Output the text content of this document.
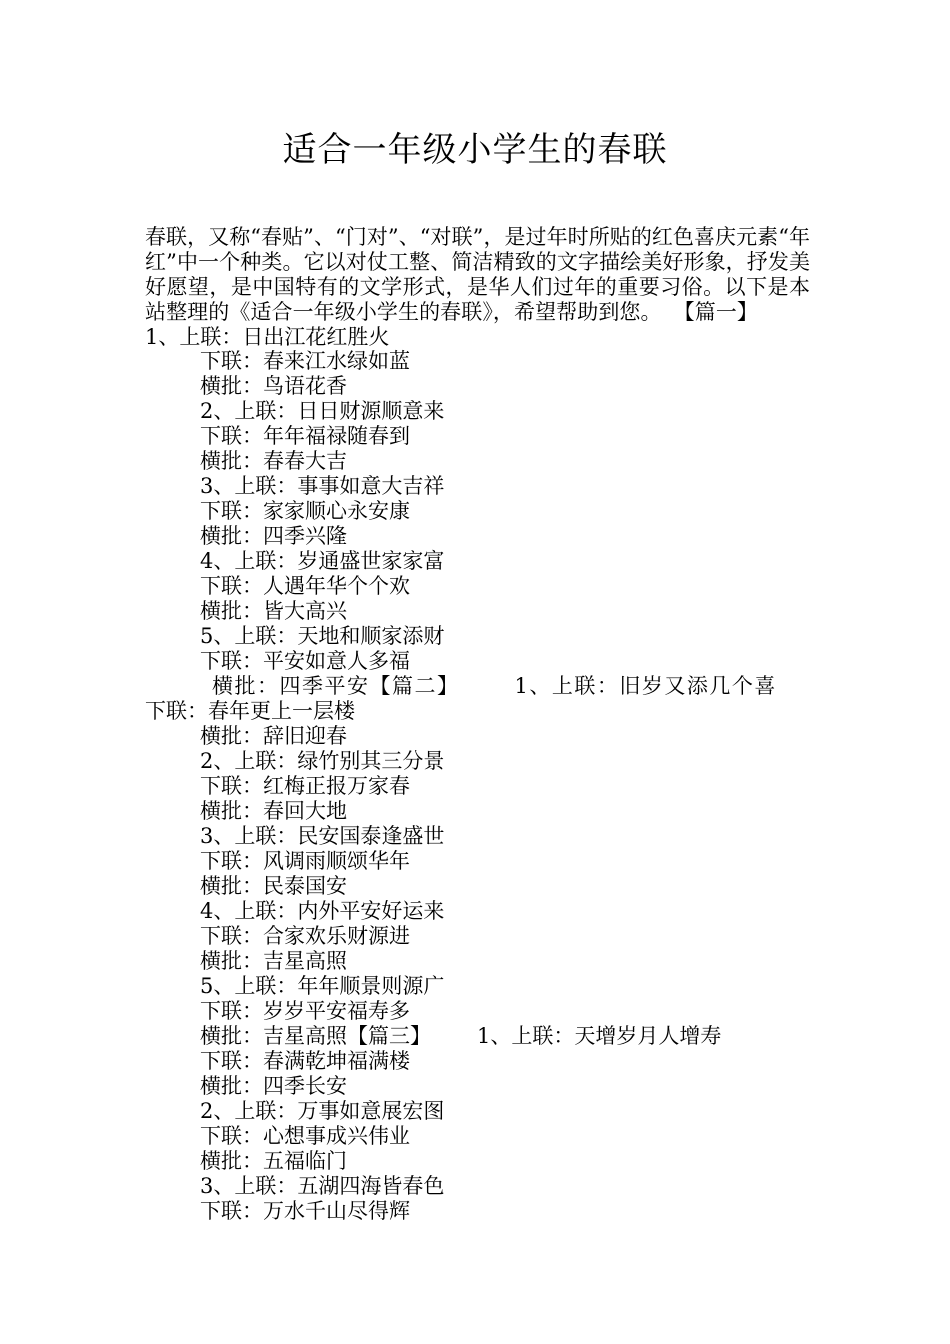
适合一年级小学生的春联
春联，又称“春贴”、“门对”、“对联”，是过年时所贴的红色喜庆元素“年红”中一个种类。它以对仗工整、简洁精致的文字描绘美好形象，抒发美好愿望，是中国特有的文学形式，是华人们过年的重要习俗。以下是本站整理的《适合一年级小学生的春联》，希望帮助到您。 【篇一】1、上联：日出江花红胜火
下联：春来江水绿如蓝
横批：鸟语花香
2、上联：日日财源顺意来
下联：年年福禄随春到
横批：春春大吉
3、上联：事事如意大吉祥
下联：家家顺心永安康
横批：四季兴隆
4、上联：岁通盛世家家富
下联：人遇年华个个欢
横批：皆大高兴
5、上联：天地和顺家添财
下联：平安如意人多福
横批：四季平安【篇二】	1、上联：旧岁又添几个喜
下联：春年更上一层楼
横批：辞旧迎春
2、上联：绿竹别其三分景
下联：红梅正报万家春
横批：春回大地
3、上联：民安国泰逢盛世
下联：风调雨顺颂华年
横批：民泰国安
4、上联：内外平安好运来
下联：合家欢乐财源进
横批：吉星高照
5、上联：年年顺景则源广
下联：岁岁平安福寿多
横批：吉星高照【篇三】 1、上联：天增岁月人增寿
下联：春满乾坤福满楼
横批：四季长安
2、上联：万事如意展宏图
下联：心想事成兴伟业
横批：五福临门
3、上联：五湖四海皆春色
下联：万水千山尽得辉
